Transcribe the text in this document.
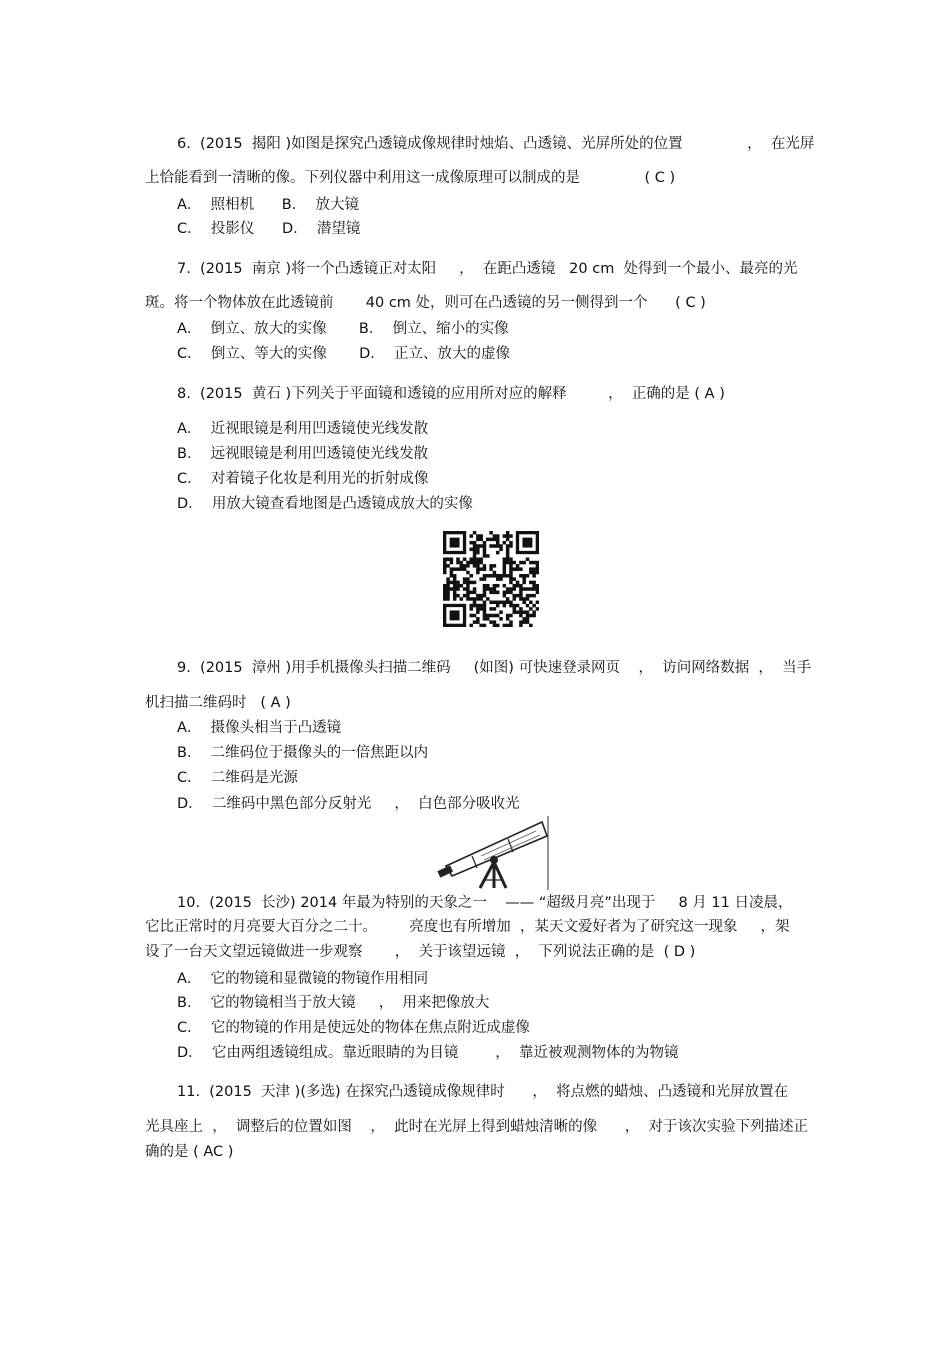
6.  (2015  揭阳 )如图是探究凸透镜成像规律时烛焰、凸透镜、光屏所处的位置              ，  在光屏
上恰能看到一清晰的像。下列仪器中利用这一成像原理可以制成的是              ( C )
A．  照相机      B．  放大镜
C．  投影仪      D．  潜望镜
7.  (2015  南京 )将一个凸透镜正对太阳     ，  在距凸透镜   20 cm  处得到一个最小、最亮的光
斑。将一个物体放在此透镜前       40 cm 处，则可在凸透镜的另一侧得到一个      ( C )
A．  倒立、放大的实像       B．  倒立、缩小的实像
C．  倒立、等大的实像       D．  正立、放大的虚像
8.  (2015  黄石 )下列关于平面镜和透镜的应用所对应的解释         ，  正确的是 ( A )
A．  近视眼镜是利用凹透镜使光线发散
B．  远视眼镜是利用凹透镜使光线发散
C．  对着镜子化妆是利用光的折射成像
D．  用放大镜查看地图是凸透镜成放大的实像
9.  (2015  漳州 )用手机摄像头扫描二维码     (如图) 可快速登录网页    ，  访问网络数据  ，  当手
机扫描二维码时   ( A )
A．  摄像头相当于凸透镜
B．  二维码位于摄像头的一倍焦距以内
C．  二维码是光源
D．  二维码中黑色部分反射光     ，  白色部分吸收光
10.  (2015  长沙) 2014 年最为特别的天象之一    —— “超级月亮”出现于     8 月 11 日凌晨，
它比正常时的月亮要大百分之二十。       亮度也有所增加  ，某天文爱好者为了研究这一现象     ，架
设了一台天文望远镜做进一步观察       ，  关于该望远镜  ，  下列说法正确的是  ( D )
A．  它的物镜和显微镜的物镜作用相同
B．  它的物镜相当于放大镜     ，  用来把像放大
C．  它的物镜的作用是使远处的物体在焦点附近成虚像
D．  它由两组透镜组成。靠近眼睛的为目镜        ，  靠近被观测物体的为物镜
11.  (2015  天津 )(多选) 在探究凸透镜成像规律时      ，  将点燃的蜡烛、凸透镜和光屏放置在
光具座上  ，  调整后的位置如图    ，  此时在光屏上得到蜡烛清晰的像      ，  对于该次实验下列描述正
确的是 ( AC )
